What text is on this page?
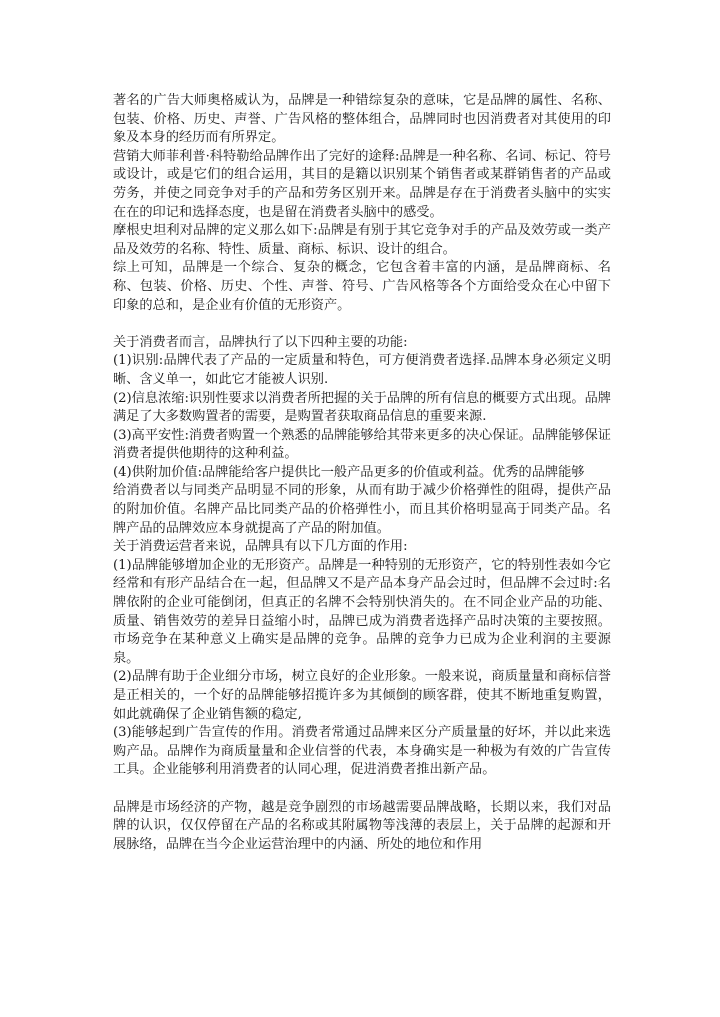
著名的广告大师奥格威认为，品牌是一种错综复杂的意味，它是品牌的属性、名称、包装、价格、历史、声誉、广告风格的整体组合，品牌同时也因消费者对其使用的印象及本身的经历而有所界定。

营销大师菲利普·科特勒给品牌作出了完好的途释:品牌是一种名称、名词、标记、符号或设计，或是它们的组合运用，其目的是籍以识别某个销售者或某群销售者的产品或劳务，并使之同竞争对手的产品和劳务区别开来。品牌是存在于消费者头脑中的实实在在的印记和选择态度，也是留在消费者头脑中的感受。

摩根史坦利对品牌的定义那么如下:品牌是有别于其它竞争对手的产品及效劳或一类产品及效劳的名称、特性、质量、商标、标识、设计的组合。

综上可知，品牌是一个综合、复杂的概念，它包含着丰富的内涵，是品牌商标、名称、包装、价格、历史、个性、声誉、符号、广告风格等各个方面给受众在心中留下印象的总和，是企业有价值的无形资产。

关于消费者而言，品牌执行了以下四种主要的功能:

(1)识别:品牌代表了产品的一定质量和特色，可方便消费者选择.品牌本身必须定义明晰、含义单一，如此它才能被人识别.

(2)信息浓缩:识别性要求以消费者所把握的关于品牌的所有信息的概要方式出现。品牌满足了大多数购置者的需要，是购置者获取商品信息的重要来源.

(3)高平安性:消费者购置一个熟悉的品牌能够给其带来更多的决心保证。品牌能够保证消费者提供他期待的这种利益。

(4)供附加价值:品牌能给客户提供比一般产品更多的价值或利益。优秀的品牌能够

给消费者以与同类产品明显不同的形象，从而有助于减少价格弹性的阻碍，提供产品的附加价值。名牌产品比同类产品的价格弹性小，而且其价格明显高于同类产品。名牌产品的品牌效应本身就提高了产品的附加值。

关于消费运营者来说，品牌具有以下几方面的作用:

(1)品牌能够增加企业的无形资产。品牌是一种特别的无形资产，它的特别性表如今它经常和有形产品结合在一起，但品牌又不是产品本身产品会过时，但品牌不会过时:名牌依附的企业可能倒闭，但真正的名牌不会特别快消失的。在不同企业产品的功能、质量、销售效劳的差异日益缩小时，品牌已成为消费者选择产品时决策的主要按照。市场竞争在某种意义上确实是品牌的竞争。品牌的竞争力已成为企业利润的主要源泉。

(2)品牌有助于企业细分市场，树立良好的企业形象。一般来说，商质量量和商标信誉是正相关的，一个好的品牌能够招揽许多为其倾倒的顾客群，使其不断地重复购置，如此就确保了企业销售额的稳定,

(3)能够起到广告宣传的作用。消费者常通过品牌来区分产质量量的好坏，并以此来选购产品。品牌作为商质量量和企业信誉的代表，本身确实是一种极为有效的广告宣传工具。企业能够利用消费者的认同心理，促进消费者推出新产品。

品牌是市场经济的产物，越是竞争剧烈的市场越需要品牌战略，长期以来，我们对品牌的认识，仅仅停留在产品的名称或其附属物等浅薄的表层上，关于品牌的起源和开展脉络，品牌在当今企业运营治理中的内涵、所处的地位和作用
